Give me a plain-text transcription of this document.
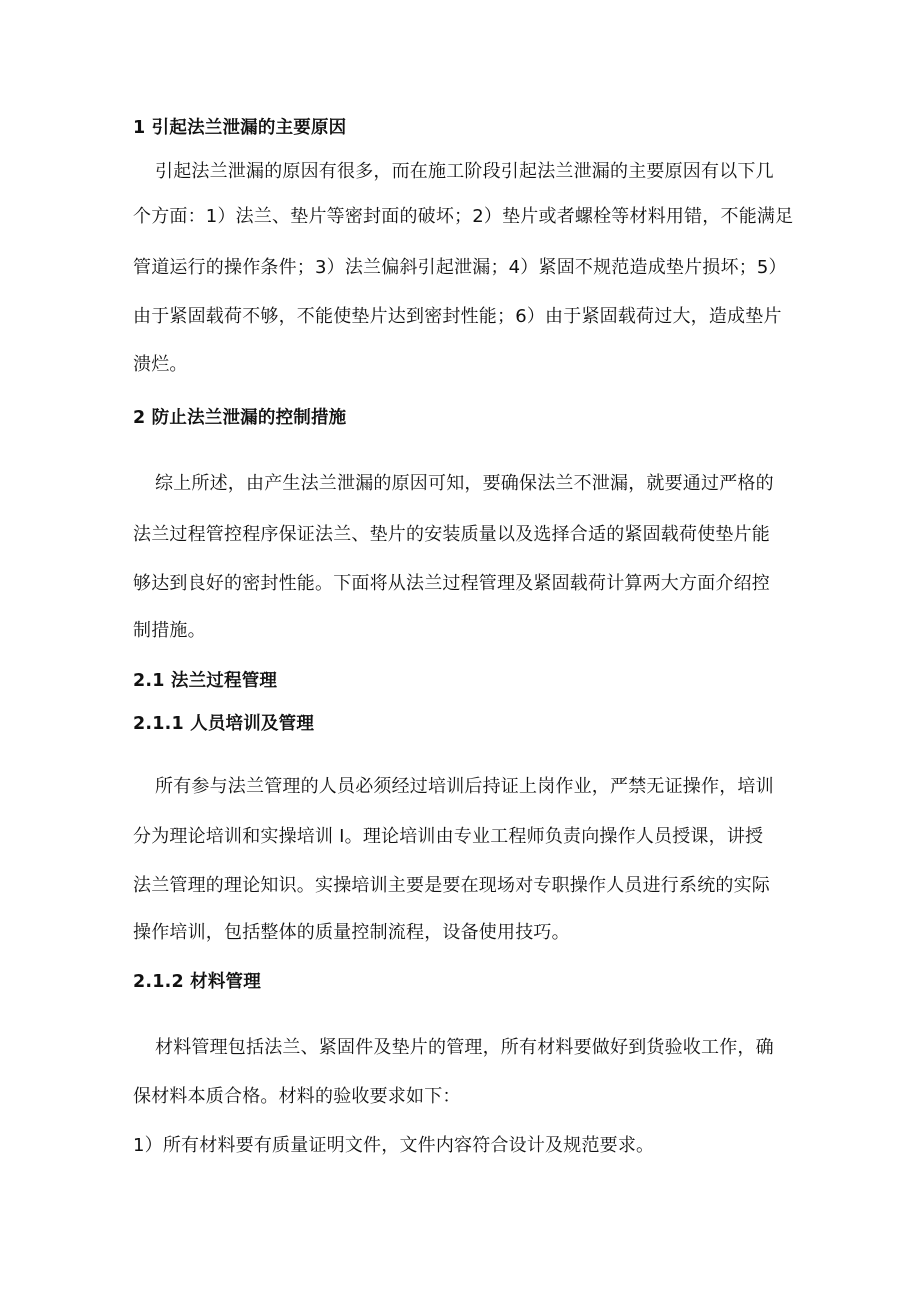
1 引起法兰泄漏的主要原因
引起法兰泄漏的原因有很多，而在施工阶段引起法兰泄漏的主要原因有以下几
个方面：1）法兰、垫片等密封面的破坏；2）垫片或者螺栓等材料用错，不能满足
管道运行的操作条件；3）法兰偏斜引起泄漏；4）紧固不规范造成垫片损坏；5）
由于紧固载荷不够，不能使垫片达到密封性能；6）由于紧固载荷过大，造成垫片
溃烂。
2 防止法兰泄漏的控制措施
综上所述，由产生法兰泄漏的原因可知，要确保法兰不泄漏，就要通过严格的
法兰过程管控程序保证法兰、垫片的安装质量以及选择合适的紧固载荷使垫片能
够达到良好的密封性能。下面将从法兰过程管理及紧固载荷计算两大方面介绍控
制措施。
2.1 法兰过程管理
2.1.1 人员培训及管理
所有参与法兰管理的人员必须经过培训后持证上岗作业，严禁无证操作，培训
分为理论培训和实操培训 I。理论培训由专业工程师负责向操作人员授课，讲授
法兰管理的理论知识。实操培训主要是要在现场对专职操作人员进行系统的实际
操作培训，包括整体的质量控制流程，设备使用技巧。
2.1.2 材料管理
材料管理包括法兰、紧固件及垫片的管理，所有材料要做好到货验收工作，确
保材料本质合格。材料的验收要求如下：
1）所有材料要有质量证明文件，文件内容符合设计及规范要求。
